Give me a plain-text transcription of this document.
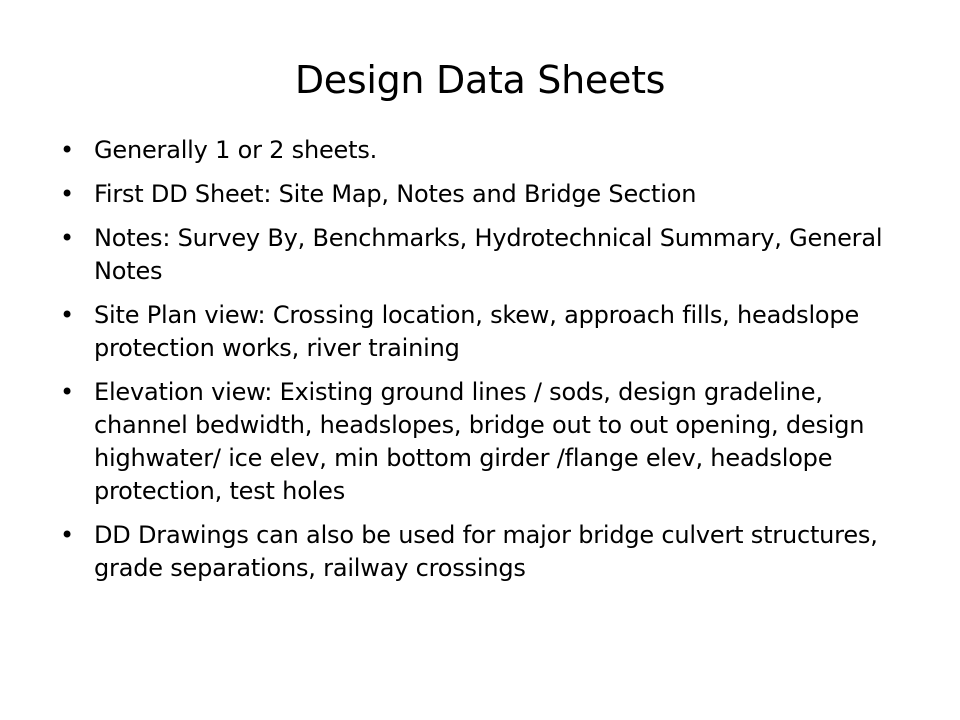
Design Data Sheets
• Generally 1 or 2 sheets.
• First DD Sheet: Site Map, Notes and Bridge Section
• Notes: Survey By, Benchmarks, Hydrotechnical Summary, General Notes
• Site Plan view: Crossing location, skew, approach fills, headslope protection works, river training
• Elevation view: Existing ground lines / sods, design gradeline, channel bedwidth, headslopes, bridge out to out opening, design highwater/ ice elev, min bottom girder /flange elev, headslope protection, test holes
• DD Drawings can also be used for major bridge culvert structures, grade separations, railway crossings
